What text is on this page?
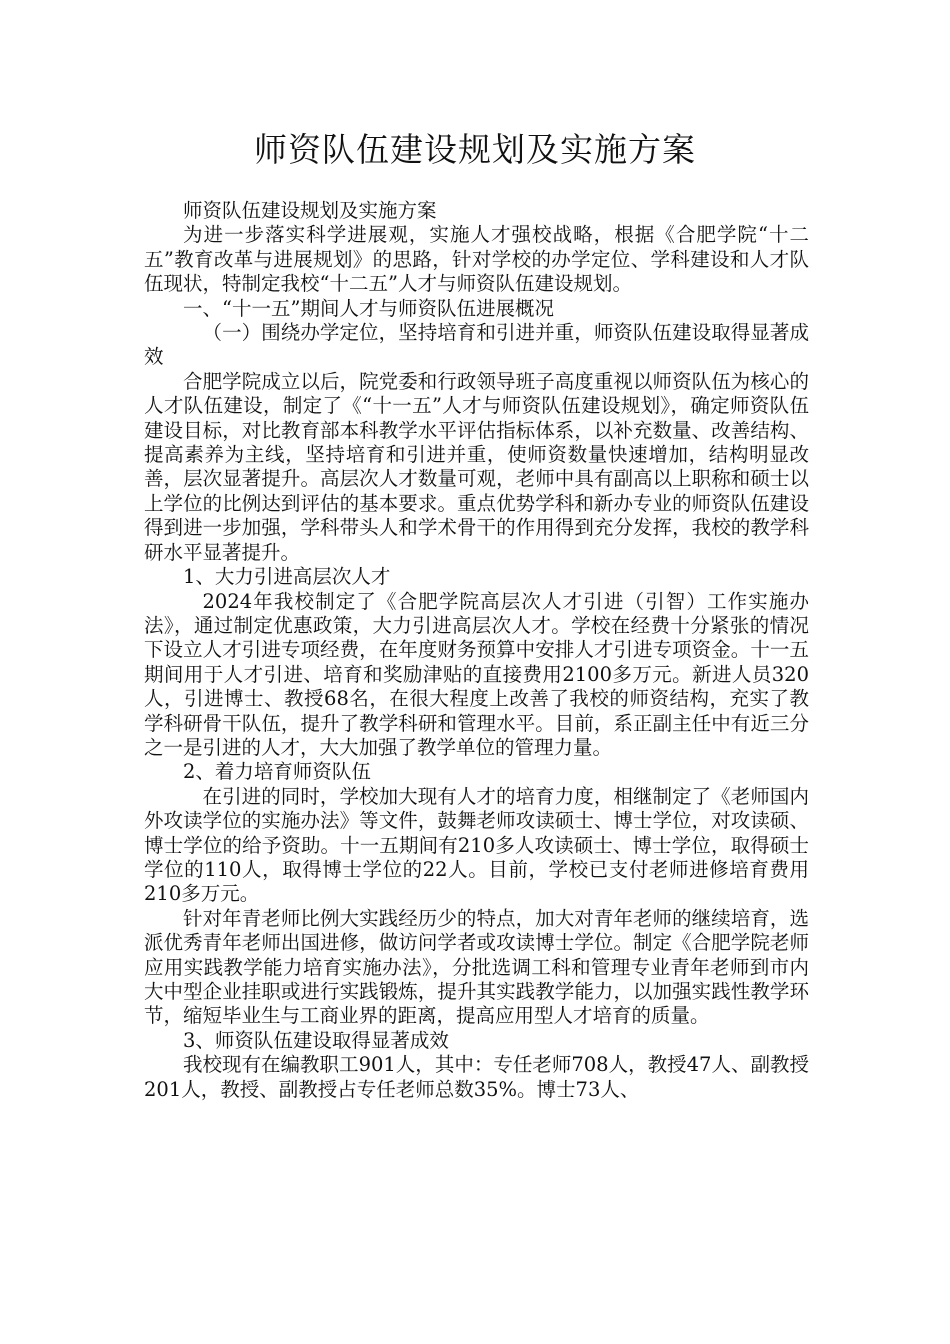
师资队伍建设规划及实施方案

师资队伍建设规划及实施方案

为进一步落实科学进展观，实施人才强校战略，根据《合肥学院“十二五”教育改革与进展规划》的思路，针对学校的办学定位、学科建设和人才队伍现状，特制定我校“十二五”人才与师资队伍建设规划。

一、“十一五”期间人才与师资队伍进展概况

（一）围绕办学定位，坚持培育和引进并重，师资队伍建设取得显著成效

合肥学院成立以后，院党委和行政领导班子高度重视以师资队伍为核心的人才队伍建设，制定了《“十一五”人才与师资队伍建设规划》，确定师资队伍建设目标，对比教育部本科教学水平评估指标体系，以补充数量、改善结构、提高素养为主线，坚持培育和引进并重，使师资数量快速增加，结构明显改善，层次显著提升。高层次人才数量可观，老师中具有副高以上职称和硕士以上学位的比例达到评估的基本要求。重点优势学科和新办专业的师资队伍建设得到进一步加强，学科带头人和学术骨干的作用得到充分发挥，我校的教学科研水平显著提升。

1、大力引进高层次人才

2024年我校制定了《合肥学院高层次人才引进（引智）工作实施办法》，通过制定优惠政策，大力引进高层次人才。学校在经费十分紧张的情况下设立人才引进专项经费，在年度财务预算中安排人才引进专项资金。十一五期间用于人才引进、培育和奖励津贴的直接费用2100多万元。新进人员320人，引进博士、教授68名，在很大程度上改善了我校的师资结构，充实了教学科研骨干队伍，提升了教学科研和管理水平。目前，系正副主任中有近三分之一是引进的人才，大大加强了教学单位的管理力量。

2、着力培育师资队伍

在引进的同时，学校加大现有人才的培育力度，相继制定了《老师国内外攻读学位的实施办法》等文件，鼓舞老师攻读硕士、博士学位，对攻读硕、博士学位的给予资助。十一五期间有210多人攻读硕士、博士学位，取得硕士学位的110人，取得博士学位的22人。目前，学校已支付老师进修培育费用210多万元。

针对年青老师比例大实践经历少的特点，加大对青年老师的继续培育，选派优秀青年老师出国进修，做访问学者或攻读博士学位。制定《合肥学院老师应用实践教学能力培育实施办法》，分批选调工科和管理专业青年老师到市内大中型企业挂职或进行实践锻炼，提升其实践教学能力，以加强实践性教学环节，缩短毕业生与工商业界的距离，提高应用型人才培育的质量。

3、师资队伍建设取得显著成效

我校现有在编教职工901人，其中：专任老师708人，教授47人、副教授201人，教授、副教授占专任老师总数35%。博士73人、
